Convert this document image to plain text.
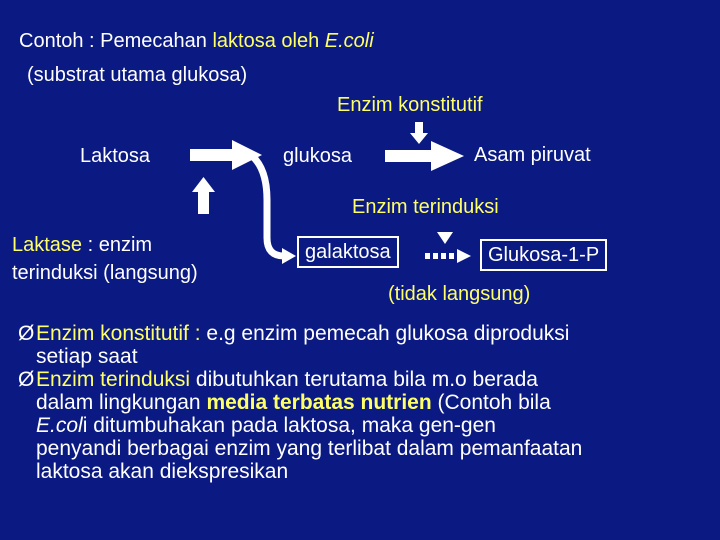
Contoh : Pemecahan laktosa oleh E.coli
(substrat utama glukosa)
Enzim konstitutif
Laktosa	glukosa	Asam piruvat
Enzim terinduksi
Laktase : enzim
terinduksi (langsung)
galaktosa	Glukosa-1-P
(tidak langsung)
Ø Enzim konstitutif : e.g enzim pemecah glukosa diproduksi
setiap saat
Ø Enzim terinduksi dibutuhkan terutama bila m.o berada
dalam lingkungan media terbatas nutrien (Contoh bila
E.coli ditumbuhakan pada laktosa, maka gen-gen
penyandi berbagai enzim yang terlibat dalam pemanfaatan
laktosa akan diekspresikan
